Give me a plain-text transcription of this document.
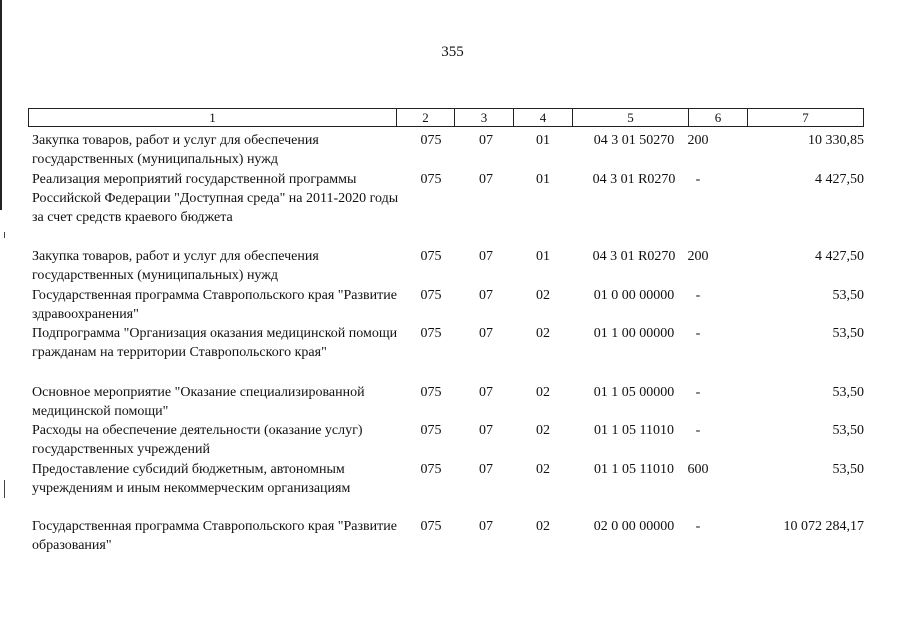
355
1	2	3	4	5	6	7
Закупка товаров, работ и услуг для обеспечения государственных (муниципальных) нужд
075	07	01	04 3 01 50270 200	10 330,85
Реализация мероприятий государственной программы Российской Федерации "Доступная среда" на 2011-2020 годы за счет средств краевого бюджета
075	07	01	04 3 01 R0270	-	4 427,50
Закупка товаров, работ и услуг для обеспечения государственных (муниципальных) нужд
075	07	01	04 3 01 R0270 200	4 427,50
Государственная программа Ставропольского края "Развитие здравоохранения"
075	07	02	01 0 00 00000	-	53,50
Подпрограмма "Организация оказания медицинской помощи гражданам на территории Ставропольского края"
075	07	02	01 1 00 00000	-	53,50
Основное мероприятие "Оказание специализированной медицинской помощи"
075	07	02	01 1 05 00000	-	53,50
Расходы на обеспечение деятельности (оказание услуг) государственных учреждений
075	07	02	01 1 05 11010	-	53,50
Предоставление субсидий бюджетным, автономным учреждениям и иным некоммерческим организациям
075	07	02	01 1 05 11010 600	53,50
Государственная программа Ставропольского края "Развитие образования"
075	07	02	02 0 00 00000	-	10 072 284,17
